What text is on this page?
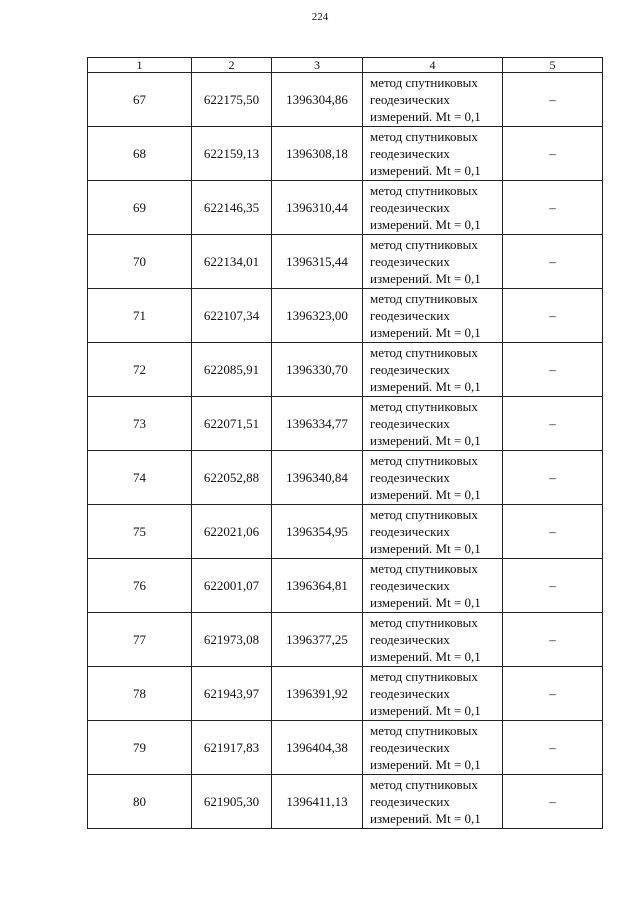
224
1	2	3	4	5
67	622175,50	1396304,86	метод спутниковых
геодезических
измерений. Mt = 0,1	–
68	622159,13	1396308,18	метод спутниковых
геодезических
измерений. Mt = 0,1	–
69	622146,35	1396310,44	метод спутниковых
геодезических
измерений. Mt = 0,1	–
70	622134,01	1396315,44	метод спутниковых
геодезических
измерений. Mt = 0,1	–
71	622107,34	1396323,00	метод спутниковых
геодезических
измерений. Mt = 0,1	–
72	622085,91	1396330,70	метод спутниковых
геодезических
измерений. Mt = 0,1	–
73	622071,51	1396334,77	метод спутниковых
геодезических
измерений. Mt = 0,1	–
74	622052,88	1396340,84	метод спутниковых
геодезических
измерений. Mt = 0,1	–
75	622021,06	1396354,95	метод спутниковых
геодезических
измерений. Mt = 0,1	–
76	622001,07	1396364,81	метод спутниковых
геодезических
измерений. Mt = 0,1	–
77	621973,08	1396377,25	метод спутниковых
геодезических
измерений. Mt = 0,1	–
78	621943,97	1396391,92	метод спутниковых
геодезических
измерений. Mt = 0,1	–
79	621917,83	1396404,38	метод спутниковых
геодезических
измерений. Mt = 0,1	–
80	621905,30	1396411,13	метод спутниковых
геодезических
измерений. Mt = 0,1	–
